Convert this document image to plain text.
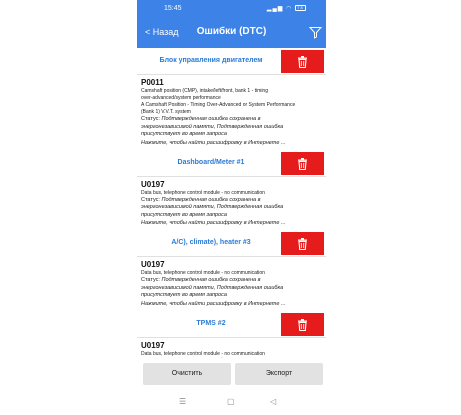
15:45	▂▄▆ ◠ 78
< Назад	Ошибки (DTC)
Блок управления двигателем
P0011
Camshaft position (CMP), intake/left/front, bank 1 - timing
over-advanced/system performance
A Camshaft Position - Timing Over-Advanced or System Performance
(Bank 1) V.V.T. system
Статус: Подтвержденная ошибка сохранена в
энергонезависимой памяти, Подтвержденная ошибка
присутствует во время запроса
Нажмите, чтобы найти расшифровку в Интернете ...
Dashboard/Meter #1
U0197
Data bus, telephone control module - no communication
Статус: Подтвержденная ошибка сохранена в
энергонезависимой памяти, Подтвержденная ошибка
присутствует во время запроса
Нажмите, чтобы найти расшифровку в Интернете ...
A/C), climate), heater #3
U0197
Data bus, telephone control module - no communication
Статус: Подтвержденная ошибка сохранена в
энергонезависимой памяти, Подтвержденная ошибка
присутствует во время запроса
Нажмите, чтобы найти расшифровку в Интернете ...
TPMS #2
U0197
Data bus, telephone control module - no communication
Очистить	Экспорт
☰	▢	◁
